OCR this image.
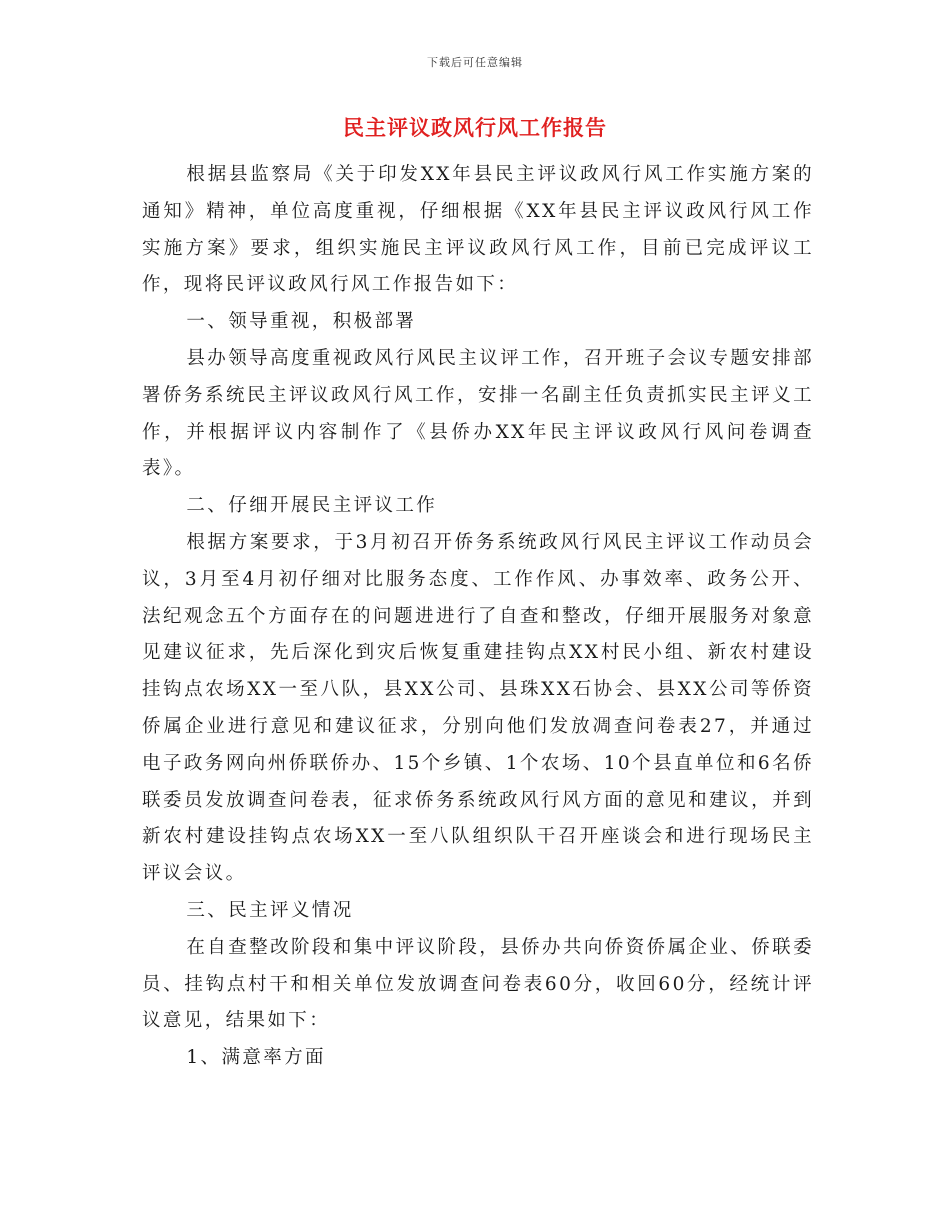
下载后可任意编辑
民主评议政风行风工作报告

根据县监察局《关于印发XX年县民主评议政风行风工作实施方案的通知》精神，单位高度重视，仔细根据《XX年县民主评议政风行风工作实施方案》要求，组织实施民主评议政风行风工作，目前已完成评议工作，现将民评议政风行风工作报告如下：

一、领导重视，积极部署

县办领导高度重视政风行风民主议评工作，召开班子会议专题安排部署侨务系统民主评议政风行风工作，安排一名副主任负责抓实民主评义工作，并根据评议内容制作了《县侨办XX年民主评议政风行风问卷调查表》。

二、仔细开展民主评议工作

根据方案要求，于3月初召开侨务系统政风行风民主评议工作动员会议，3月至4月初仔细对比服务态度、工作作风、办事效率、政务公开、法纪观念五个方面存在的问题进进行了自查和整改，仔细开展服务对象意见建议征求，先后深化到灾后恢复重建挂钩点XX村民小组、新农村建设挂钩点农场XX一至八队，县XX公司、县珠XX石协会、县XX公司等侨资侨属企业进行意见和建议征求，分别向他们发放凋查问卷表27，并通过电子政务网向州侨联侨办、15个乡镇、1个农场、10个县直单位和6名侨联委员发放调查问卷表，征求侨务系统政风行风方面的意见和建议，并到新农村建设挂钩点农场XX一至八队组织队干召开座谈会和进行现场民主评议会议。

三、民主评义情况

在自查整改阶段和集中评议阶段，县侨办共向侨资侨属企业、侨联委员、挂钩点村干和相关单位发放调查问卷表60分，收回60分，经统计评议意见，结果如下：

1、满意率方面
